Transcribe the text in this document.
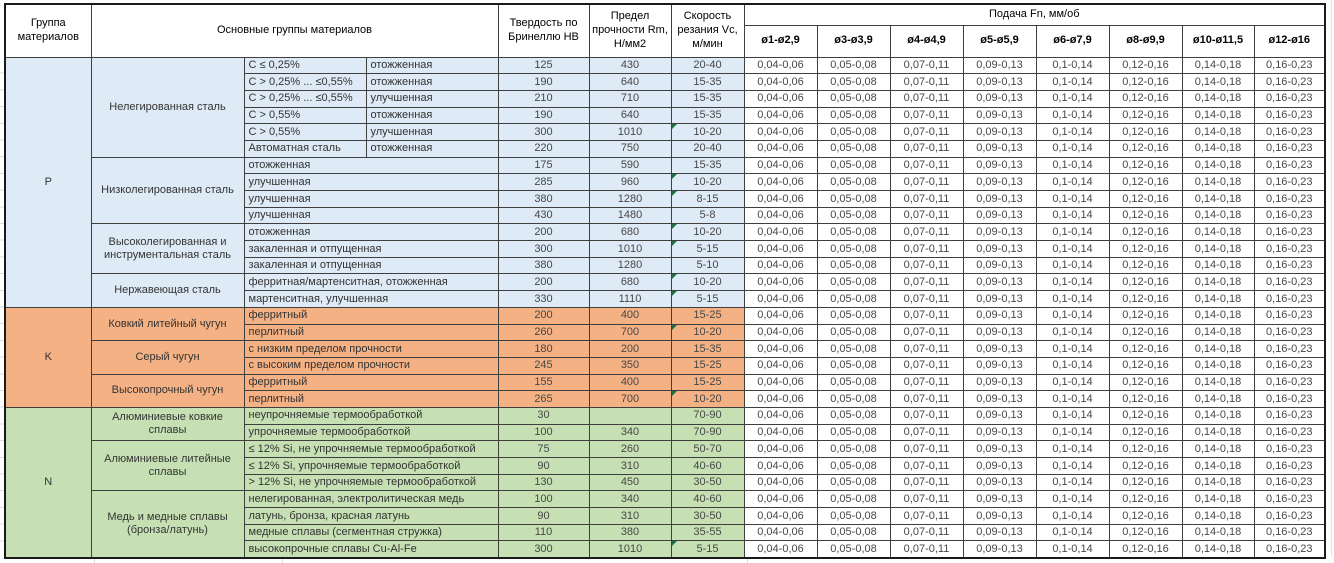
Группа материалов	Основные группы материалов			Твердость по Бринеллю HB	Предел прочности Rm, Н/мм2	Скорость резания Vc, м/мин	Подача Fn, мм/об							
							ø1-ø2,9	ø3-ø3,9	ø4-ø4,9	ø5-ø5,9	ø6-ø7,9	ø8-ø9,9	ø10-ø11,5	ø12-ø16
P	Нелегированная сталь	C ≤ 0,25%	отожженная	125	430	20-40	0,04-0,06	0,05-0,08	0,07-0,11	0,09-0,13	0,1-0,14	0,12-0,16	0,14-0,18	0,16-0,23
		C > 0,25% ... ≤0,55%	отожженная	190	640	15-35	0,04-0,06	0,05-0,08	0,07-0,11	0,09-0,13	0,1-0,14	0,12-0,16	0,14-0,18	0,16-0,23
		C > 0,25% ... ≤0,55%	улучшенная	210	710	15-35	0,04-0,06	0,05-0,08	0,07-0,11	0,09-0,13	0,1-0,14	0,12-0,16	0,14-0,18	0,16-0,23
		C > 0,55%	отожженная	190	640	15-35	0,04-0,06	0,05-0,08	0,07-0,11	0,09-0,13	0,1-0,14	0,12-0,16	0,14-0,18	0,16-0,23
		C > 0,55%	улучшенная	300	1010	10-20	0,04-0,06	0,05-0,08	0,07-0,11	0,09-0,13	0,1-0,14	0,12-0,16	0,14-0,18	0,16-0,23
		Автоматная сталь	отожженная	220	750	20-40	0,04-0,06	0,05-0,08	0,07-0,11	0,09-0,13	0,1-0,14	0,12-0,16	0,14-0,18	0,16-0,23
	Низколегированная сталь	отожженная		175	590	15-35	0,04-0,06	0,05-0,08	0,07-0,11	0,09-0,13	0,1-0,14	0,12-0,16	0,14-0,18	0,16-0,23
		улучшенная		285	960	10-20	0,04-0,06	0,05-0,08	0,07-0,11	0,09-0,13	0,1-0,14	0,12-0,16	0,14-0,18	0,16-0,23
		улучшенная		380	1280	8-15	0,04-0,06	0,05-0,08	0,07-0,11	0,09-0,13	0,1-0,14	0,12-0,16	0,14-0,18	0,16-0,23
		улучшенная		430	1480	5-8	0,04-0,06	0,05-0,08	0,07-0,11	0,09-0,13	0,1-0,14	0,12-0,16	0,14-0,18	0,16-0,23
	Высоколегированная и инструментальная сталь	отожженная		200	680	10-20	0,04-0,06	0,05-0,08	0,07-0,11	0,09-0,13	0,1-0,14	0,12-0,16	0,14-0,18	0,16-0,23
		закаленная и отпущенная		300	1010	5-15	0,04-0,06	0,05-0,08	0,07-0,11	0,09-0,13	0,1-0,14	0,12-0,16	0,14-0,18	0,16-0,23
		закаленная и отпущенная		380	1280	5-10	0,04-0,06	0,05-0,08	0,07-0,11	0,09-0,13	0,1-0,14	0,12-0,16	0,14-0,18	0,16-0,23
	Нержавеющая сталь	ферритная/мартенситная, отожженная		200	680	10-20	0,04-0,06	0,05-0,08	0,07-0,11	0,09-0,13	0,1-0,14	0,12-0,16	0,14-0,18	0,16-0,23
		мартенситная, улучшенная		330	1110	5-15	0,04-0,06	0,05-0,08	0,07-0,11	0,09-0,13	0,1-0,14	0,12-0,16	0,14-0,18	0,16-0,23
K	Ковкий литейный чугун	ферритный		200	400	15-25	0,04-0,06	0,05-0,08	0,07-0,11	0,09-0,13	0,1-0,14	0,12-0,16	0,14-0,18	0,16-0,23
		перлитный		260	700	10-20	0,04-0,06	0,05-0,08	0,07-0,11	0,09-0,13	0,1-0,14	0,12-0,16	0,14-0,18	0,16-0,23
	Серый чугун	с низким пределом прочности		180	200	15-35	0,04-0,06	0,05-0,08	0,07-0,11	0,09-0,13	0,1-0,14	0,12-0,16	0,14-0,18	0,16-0,23
		с высоким пределом прочности		245	350	15-25	0,04-0,06	0,05-0,08	0,07-0,11	0,09-0,13	0,1-0,14	0,12-0,16	0,14-0,18	0,16-0,23
	Высокопрочный чугун	ферритный		155	400	15-25	0,04-0,06	0,05-0,08	0,07-0,11	0,09-0,13	0,1-0,14	0,12-0,16	0,14-0,18	0,16-0,23
		перлитный		265	700	10-20	0,04-0,06	0,05-0,08	0,07-0,11	0,09-0,13	0,1-0,14	0,12-0,16	0,14-0,18	0,16-0,23
N	Алюминиевые ковкие сплавы	неупрочняемые термообработкой		30		70-90	0,04-0,06	0,05-0,08	0,07-0,11	0,09-0,13	0,1-0,14	0,12-0,16	0,14-0,18	0,16-0,23
		упрочняемые термообработкой		100	340	70-90	0,04-0,06	0,05-0,08	0,07-0,11	0,09-0,13	0,1-0,14	0,12-0,16	0,14-0,18	0,16-0,23
	Алюминиевые литейные сплавы	≤ 12% Si, не упрочняемые термообработкой		75	260	50-70	0,04-0,06	0,05-0,08	0,07-0,11	0,09-0,13	0,1-0,14	0,12-0,16	0,14-0,18	0,16-0,23
		≤ 12% Si, упрочняемые термообработкой		90	310	40-60	0,04-0,06	0,05-0,08	0,07-0,11	0,09-0,13	0,1-0,14	0,12-0,16	0,14-0,18	0,16-0,23
		> 12% Si, не упрочняемые термообработкой		130	450	30-50	0,04-0,06	0,05-0,08	0,07-0,11	0,09-0,13	0,1-0,14	0,12-0,16	0,14-0,18	0,16-0,23
	Медь и медные сплавы (бронза/латунь)	нелегированная, электролитическая медь		100	340	40-60	0,04-0,06	0,05-0,08	0,07-0,11	0,09-0,13	0,1-0,14	0,12-0,16	0,14-0,18	0,16-0,23
		латунь, бронза, красная латунь		90	310	30-50	0,04-0,06	0,05-0,08	0,07-0,11	0,09-0,13	0,1-0,14	0,12-0,16	0,14-0,18	0,16-0,23
		медные сплавы (сегментная стружка)		110	380	35-55	0,04-0,06	0,05-0,08	0,07-0,11	0,09-0,13	0,1-0,14	0,12-0,16	0,14-0,18	0,16-0,23
		высокопрочные сплавы Cu-Al-Fe		300	1010	5-15	0,04-0,06	0,05-0,08	0,07-0,11	0,09-0,13	0,1-0,14	0,12-0,16	0,14-0,18	0,16-0,23
